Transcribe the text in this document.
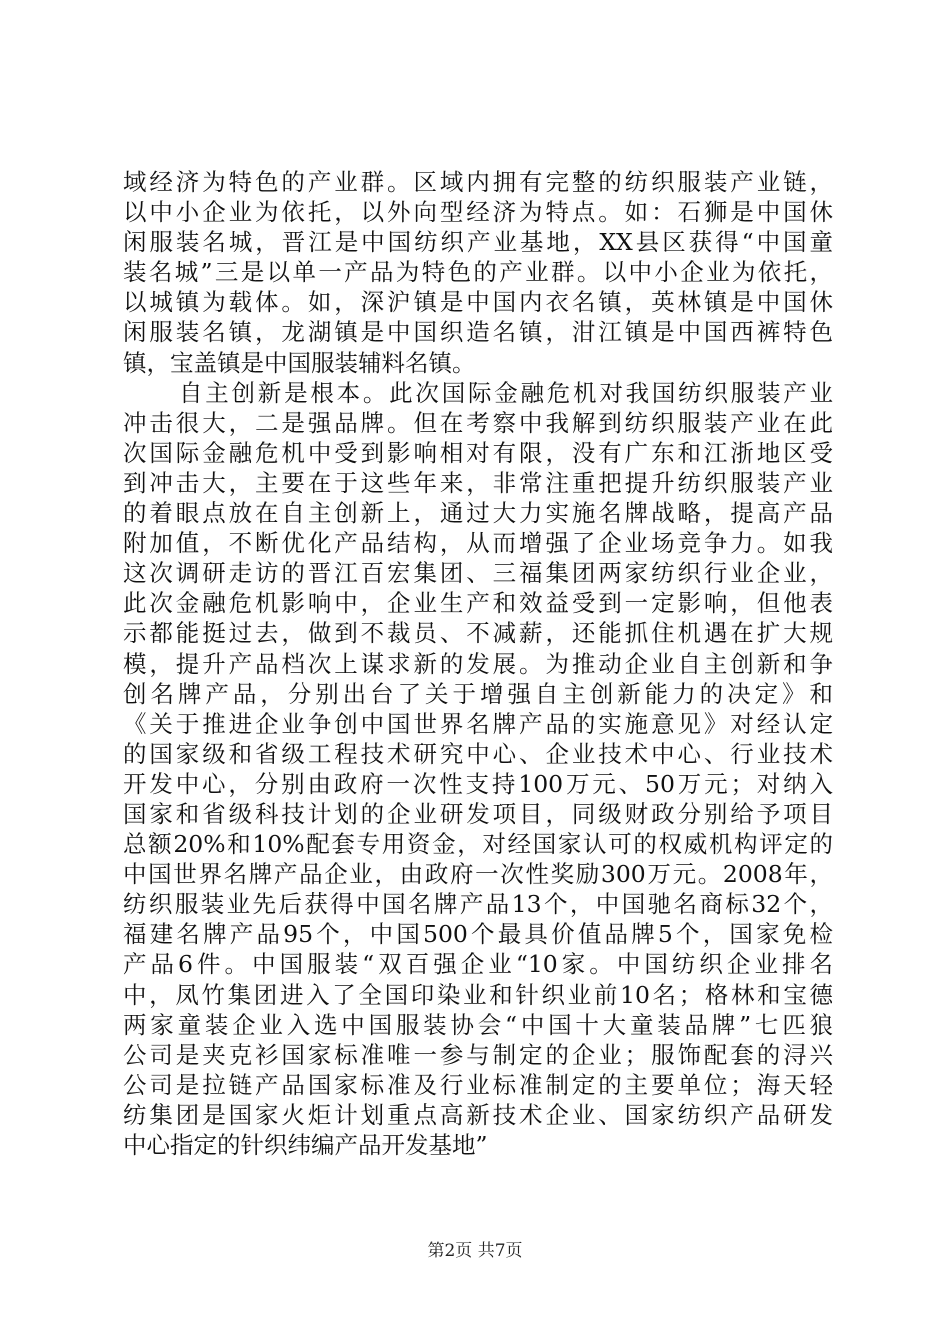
域经济为特色的产业群。区域内拥有完整的纺织服装产业链，
以中小企业为依托，以外向型经济为特点。如：石狮是中国休
闲服装名城，晋江是中国纺织产业基地，XX县区获得“中国童
装名城”三是以单一产品为特色的产业群。以中小企业为依托，
以城镇为载体。如，深沪镇是中国内衣名镇，英林镇是中国休
闲服装名镇，龙湖镇是中国织造名镇，泔江镇是中国西裤特色
镇，宝盖镇是中国服装辅料名镇。
自主创新是根本。此次国际金融危机对我国纺织服装产业
冲击很大，二是强品牌。但在考察中我解到纺织服装产业在此
次国际金融危机中受到影响相对有限，没有广东和江浙地区受
到冲击大，主要在于这些年来，非常注重把提升纺织服装产业
的着眼点放在自主创新上，通过大力实施名牌战略，提高产品
附加值，不断优化产品结构，从而增强了企业场竞争力。如我
这次调研走访的晋江百宏集团、三福集团两家纺织行业企业，
此次金融危机影响中，企业生产和效益受到一定影响，但他表
示都能挺过去，做到不裁员、不减薪，还能抓住机遇在扩大规
模，提升产品档次上谋求新的发展。为推动企业自主创新和争
创名牌产品，分别出台了关于增强自主创新能力的决定》和
《关于推进企业争创中国世界名牌产品的实施意见》对经认定
的国家级和省级工程技术研究中心、企业技术中心、行业技术
开发中心，分别由政府一次性支持100万元、50万元；对纳入
国家和省级科技计划的企业研发项目，同级财政分别给予项目
总额20%和10%配套专用资金，对经国家认可的权威机构评定的
中国世界名牌产品企业，由政府一次性奖励300万元。2008年，
纺织服装业先后获得中国名牌产品13个，中国驰名商标32个，
福建名牌产品95个，中国500个最具价值品牌5个，国家免检
产品6件。中国服装“双百强企业“10家。中国纺织企业排名
中，凤竹集团进入了全国印染业和针织业前10名；格林和宝德
两家童装企业入选中国服装协会“中国十大童装品牌”七匹狼
公司是夹克衫国家标准唯一参与制定的企业；服饰配套的浔兴
公司是拉链产品国家标准及行业标准制定的主要单位；海天轻
纺集团是国家火炬计划重点高新技术企业、国家纺织产品研发
中心指定的针织纬编产品开发基地”
第2页 共7页
